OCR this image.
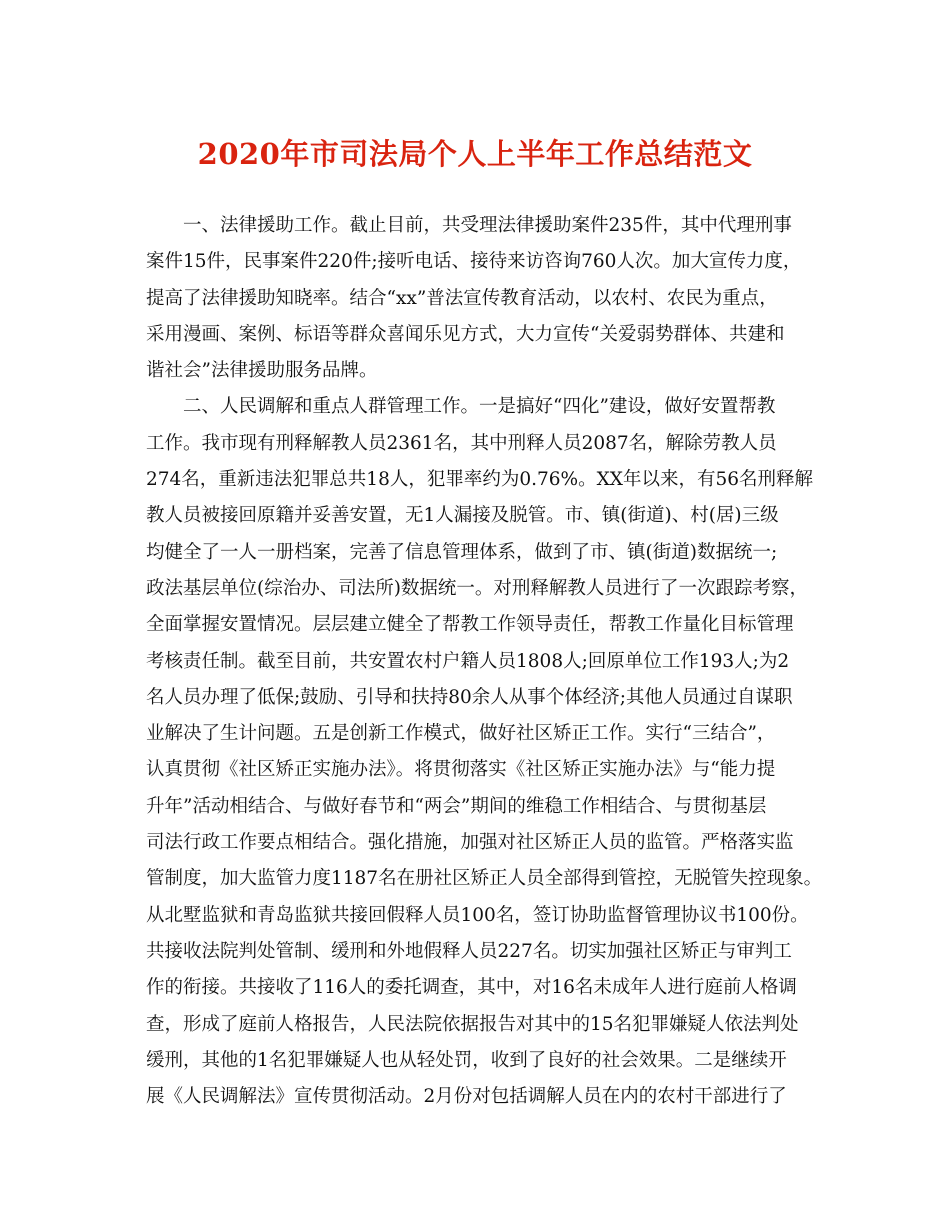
2020年市司法局个人上半年工作总结范文
一、法律援助工作。截止目前，共受理法律援助案件235件，其中代理刑事
案件15件，民事案件220件;接听电话、接待来访咨询760人次。加大宣传力度，
提高了法律援助知晓率。结合“xx”普法宣传教育活动，以农村、农民为重点，
采用漫画、案例、标语等群众喜闻乐见方式，大力宣传“关爱弱势群体、共建和
谐社会”法律援助服务品牌。
二、人民调解和重点人群管理工作。一是搞好“四化”建设，做好安置帮教
工作。我市现有刑释解教人员2361名，其中刑释人员2087名，解除劳教人员
274名，重新违法犯罪总共18人，犯罪率约为0.76%。XX年以来，有56名刑释解
教人员被接回原籍并妥善安置，无1人漏接及脱管。市、镇(街道)、村(居)三级
均健全了一人一册档案，完善了信息管理体系，做到了市、镇(街道)数据统一;
政法基层单位(综治办、司法所)数据统一。对刑释解教人员进行了一次跟踪考察，
全面掌握安置情况。层层建立健全了帮教工作领导责任，帮教工作量化目标管理
考核责任制。截至目前，共安置农村户籍人员1808人;回原单位工作193人;为2
名人员办理了低保;鼓励、引导和扶持80余人从事个体经济;其他人员通过自谋职
业解决了生计问题。五是创新工作模式，做好社区矫正工作。实行“三结合”，
认真贯彻《社区矫正实施办法》。将贯彻落实《社区矫正实施办法》与“能力提
升年”活动相结合、与做好春节和“两会”期间的维稳工作相结合、与贯彻基层
司法行政工作要点相结合。强化措施，加强对社区矫正人员的监管。严格落实监
管制度，加大监管力度1187名在册社区矫正人员全部得到管控，无脱管失控现象。
从北墅监狱和青岛监狱共接回假释人员100名，签订协助监督管理协议书100份。
共接收法院判处管制、缓刑和外地假释人员227名。切实加强社区矫正与审判工
作的衔接。共接收了116人的委托调查，其中，对16名未成年人进行庭前人格调
查，形成了庭前人格报告，人民法院依据报告对其中的15名犯罪嫌疑人依法判处
缓刑，其他的1名犯罪嫌疑人也从轻处罚，收到了良好的社会效果。二是继续开
展《人民调解法》宣传贯彻活动。2月份对包括调解人员在内的农村干部进行了
